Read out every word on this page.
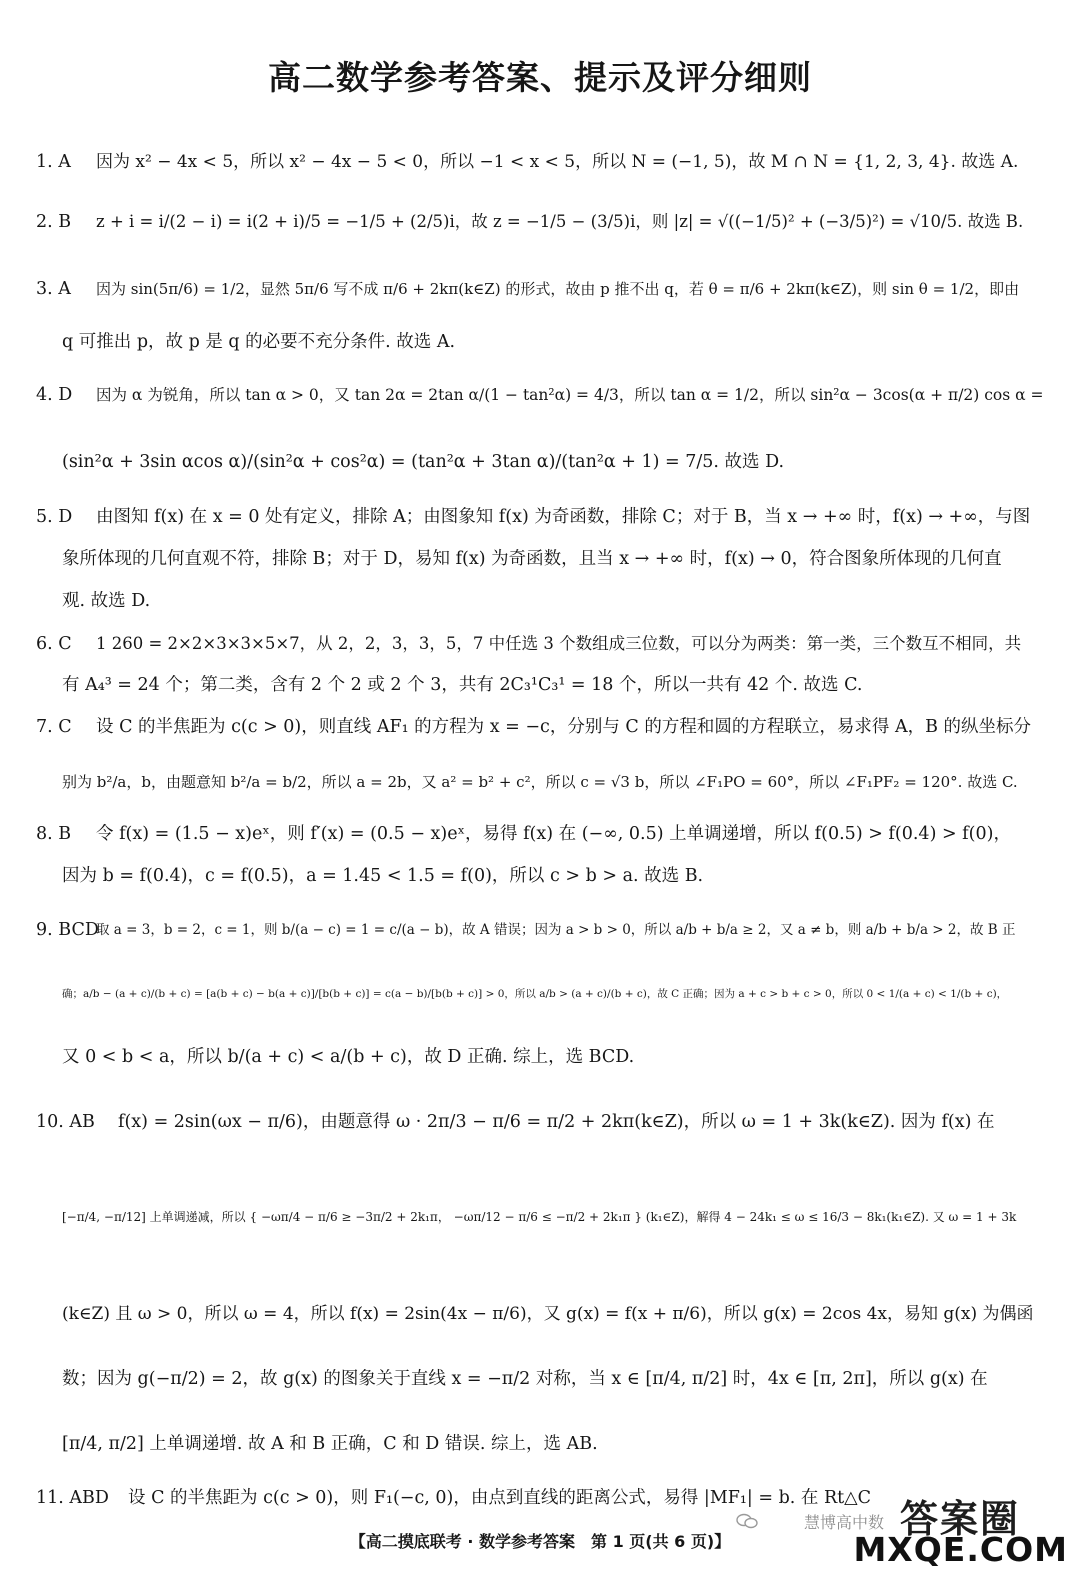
高二数学参考答案、提示及评分细则
1. A 因为 x² − 4x < 5，所以 x² − 4x − 5 < 0，所以 −1 < x < 5，所以 N = (−1, 5)，故 M ∩ N = {1, 2, 3, 4}. 故选 A.
2. B z + i = i/(2 − i) = i(2 + i)/5 = −1/5 + (2/5)i，故 z = −1/5 − (3/5)i，则 |z| = √((−1/5)² + (−3/5)²) = √10/5. 故选 B.
3. A 因为 sin(5π/6) = 1/2，显然 5π/6 写不成 π/6 + 2kπ(k∈Z) 的形式，故由 p 推不出 q，若 θ = π/6 + 2kπ(k∈Z)，则 sin θ = 1/2，即由
q 可推出 p，故 p 是 q 的必要不充分条件. 故选 A.
4. D 因为 α 为锐角，所以 tan α > 0，又 tan 2α = 2tan α/(1 − tan²α) = 4/3，所以 tan α = 1/2，所以 sin²α − 3cos(α + π/2) cos α =
(sin²α + 3sin αcos α)/(sin²α + cos²α) = (tan²α + 3tan α)/(tan²α + 1) = 7/5. 故选 D.
5. D 由图知 f(x) 在 x = 0 处有定义，排除 A；由图象知 f(x) 为奇函数，排除 C；对于 B，当 x → +∞ 时，f(x) → +∞，与图
象所体现的几何直观不符，排除 B；对于 D，易知 f(x) 为奇函数，且当 x → +∞ 时，f(x) → 0，符合图象所体现的几何直
观. 故选 D.
6. C 1 260 = 2×2×3×3×5×7，从 2，2，3，3，5，7 中任选 3 个数组成三位数，可以分为两类：第一类，三个数互不相同，共
有 A₄³ = 24 个；第二类，含有 2 个 2 或 2 个 3，共有 2C₃¹C₃¹ = 18 个，所以一共有 42 个. 故选 C.
7. C 设 C 的半焦距为 c(c > 0)，则直线 AF₁ 的方程为 x = −c，分别与 C 的方程和圆的方程联立，易求得 A，B 的纵坐标分
别为 b²/a，b，由题意知 b²/a = b/2，所以 a = 2b，又 a² = b² + c²，所以 c = √3 b，所以 ∠F₁PO = 60°，所以 ∠F₁PF₂ = 120°. 故选 C.
8. B 令 f(x) = (1.5 − x)eˣ，则 f′(x) = (0.5 − x)eˣ，易得 f(x) 在 (−∞, 0.5) 上单调递增，所以 f(0.5) > f(0.4) > f(0)，
因为 b = f(0.4)，c = f(0.5)，a = 1.45 < 1.5 = f(0)，所以 c > b > a. 故选 B.
9. BCD
取 a = 3，b = 2，c = 1，则 b/(a − c) = 1 = c/(a − b)，故 A 错误；因为 a > b > 0，所以 a/b + b/a ≥ 2，又 a ≠ b，则 a/b + b/a > 2，故 B 正
确；a/b − (a + c)/(b + c) = [a(b + c) − b(a + c)]/[b(b + c)] = c(a − b)/[b(b + c)] > 0，所以 a/b > (a + c)/(b + c)，故 C 正确；因为 a + c > b + c > 0，所以 0 < 1/(a + c) < 1/(b + c)，
又 0 < b < a，所以 b/(a + c) < a/(b + c)，故 D 正确. 综上，选 BCD.
10. AB f(x) = 2sin(ωx − π/6)，由题意得 ω · 2π/3 − π/6 = π/2 + 2kπ(k∈Z)，所以 ω = 1 + 3k(k∈Z). 因为 f(x) 在
[−π/4, −π/12] 上单调递减，所以 { −ωπ/4 − π/6 ≥ −3π/2 + 2k₁π， −ωπ/12 − π/6 ≤ −π/2 + 2k₁π } (k₁∈Z)，解得 4 − 24k₁ ≤ ω ≤ 16/3 − 8k₁(k₁∈Z). 又 ω = 1 + 3k
(k∈Z) 且 ω > 0，所以 ω = 4，所以 f(x) = 2sin(4x − π/6)，又 g(x) = f(x + π/6)，所以 g(x) = 2cos 4x，易知 g(x) 为偶函
数；因为 g(−π/2) = 2，故 g(x) 的图象关于直线 x = −π/2 对称，当 x ∈ [π/4, π/2] 时，4x ∈ [π, 2π]，所以 g(x) 在
[π/4, π/2] 上单调递增. 故 A 和 B 正确，C 和 D 错误. 综上，选 AB.
11. ABD 设 C 的半焦距为 c(c > 0)，则 F₁(−c, 0)，由点到直线的距离公式，易得 |MF₁| = b. 在 Rt△C
慧博高中数 答案圈
MXQE.COM
【高二摸底联考 · 数学参考答案　第 1 页(共 6 页)】
